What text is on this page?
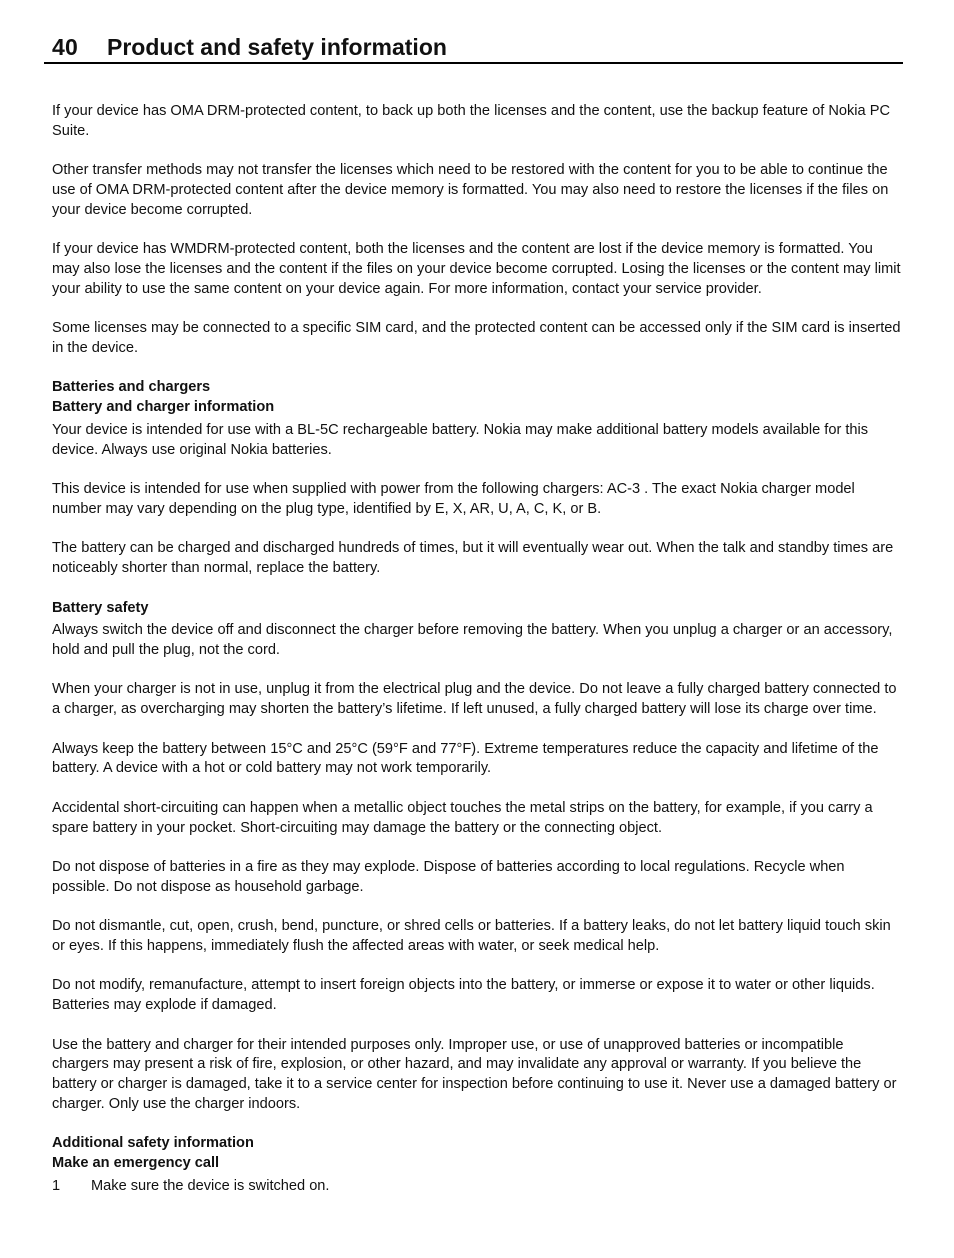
40 Product and safety information

If your device has OMA DRM-protected content, to back up both the licenses and the content, use the backup feature of Nokia PC Suite.

Other transfer methods may not transfer the licenses which need to be restored with the content for you to be able to continue the use of OMA DRM-protected content after the device memory is formatted. You may also need to restore the licenses if the files on your device become corrupted.

If your device has WMDRM-protected content, both the licenses and the content are lost if the device memory is formatted. You may also lose the licenses and the content if the files on your device become corrupted. Losing the licenses or the content may limit your ability to use the same content on your device again. For more information, contact your service provider.

Some licenses may be connected to a specific SIM card, and the protected content can be accessed only if the SIM card is inserted in the device.

Batteries and chargers

Battery and charger information

Your device is intended for use with a BL-5C rechargeable battery. Nokia may make additional battery models available for this device. Always use original Nokia batteries.

This device is intended for use when supplied with power from the following chargers: AC-3 . The exact Nokia charger model number may vary depending on the plug type, identified by E, X, AR, U, A, C, K, or B.

The battery can be charged and discharged hundreds of times, but it will eventually wear out. When the talk and standby times are noticeably shorter than normal, replace the battery.

Battery safety

Always switch the device off and disconnect the charger before removing the battery. When you unplug a charger or an accessory, hold and pull the plug, not the cord.

When your charger is not in use, unplug it from the electrical plug and the device. Do not leave a fully charged battery connected to a charger, as overcharging may shorten the battery’s lifetime. If left unused, a fully charged battery will lose its charge over time.

Always keep the battery between 15°C and 25°C (59°F and 77°F). Extreme temperatures reduce the capacity and lifetime of the battery. A device with a hot or cold battery may not work temporarily.

Accidental short-circuiting can happen when a metallic object touches the metal strips on the battery, for example, if you carry a spare battery in your pocket. Short-circuiting may damage the battery or the connecting object.

Do not dispose of batteries in a fire as they may explode. Dispose of batteries according to local regulations. Recycle when possible. Do not dispose as household garbage.

Do not dismantle, cut, open, crush, bend, puncture, or shred cells or batteries. If a battery leaks, do not let battery liquid touch skin or eyes. If this happens, immediately flush the affected areas with water, or seek medical help.

Do not modify, remanufacture, attempt to insert foreign objects into the battery, or immerse or expose it to water or other liquids. Batteries may explode if damaged.

Use the battery and charger for their intended purposes only. Improper use, or use of unapproved batteries or incompatible chargers may present a risk of fire, explosion, or other hazard, and may invalidate any approval or warranty. If you believe the battery or charger is damaged, take it to a service center for inspection before continuing to use it. Never use a damaged battery or charger. Only use the charger indoors.

Additional safety information

Make an emergency call

1	Make sure the device is switched on.
